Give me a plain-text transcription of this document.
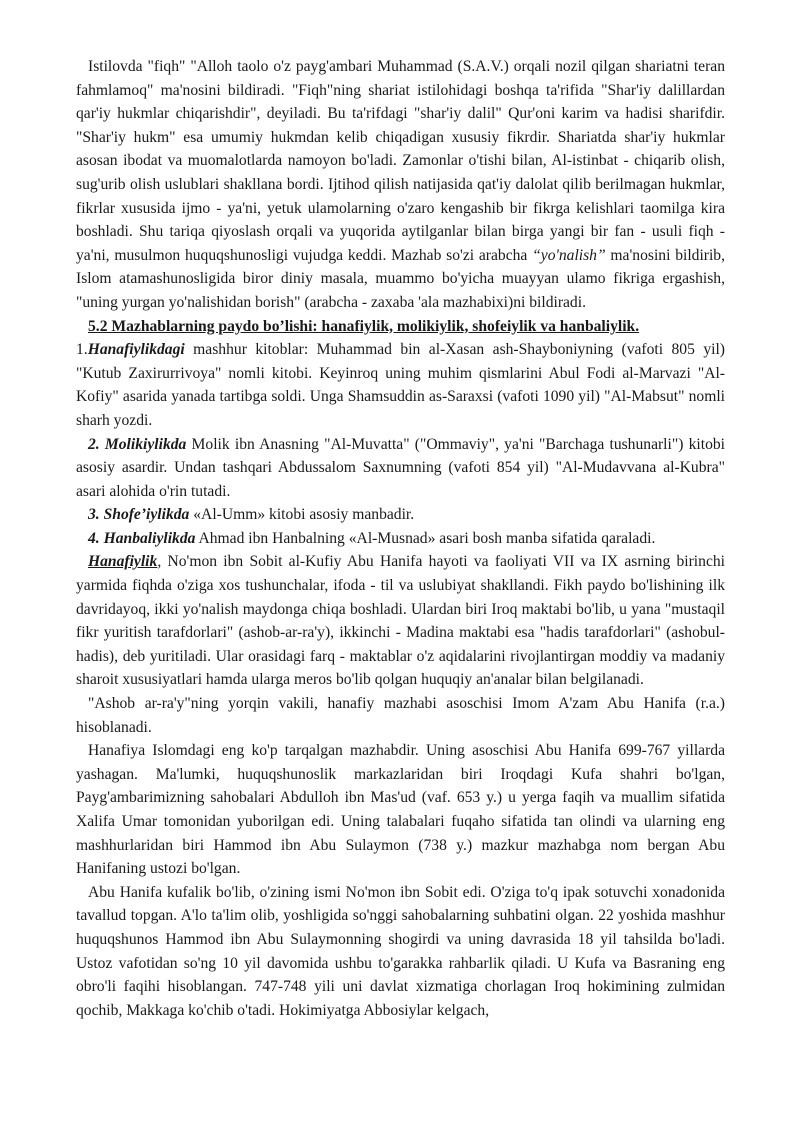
Istilovda "fiqh" "Alloh taolo o'z payg'ambari Muhammad (S.A.V.) orqali nozil qilgan shariatni teran fahmlamoq" ma'nosini bildiradi. "Fiqh"ning shariat istilohidagi boshqa ta'rifida "Shar'iy dalillardan qar'iy hukmlar chiqarishdir", deyiladi. Bu ta'rifdagi "shar'iy dalil" Qur'oni karim va hadisi sharifdir. "Shar'iy hukm" esa umumiy hukmdan kelib chiqadigan xususiy fikrdir. Shariatda shar'iy hukmlar asosan ibodat va muomalotlarda namoyon bo'ladi. Zamonlar o'tishi bilan, Al-istinbat - chiqarib olish, sug'urib olish uslublari shakllana bordi. Ijtihod qilish natijasida qat'iy dalolat qilib berilmagan hukmlar, fikrlar xususida ijmo - ya'ni, yetuk ulamolarning o'zaro kengashib bir fikrga kelishlari taomilga kira boshladi. Shu tariqa qiyoslash orqali va yuqorida aytilganlar bilan birga yangi bir fan - usuli fiqh - ya'ni, musulmon huquqshunosligi vujudga keddi. Mazhab so'zi arabcha “yo'nalish” ma'nosini bildirib, Islom atamashunosligida biror diniy masala, muammo bo'yicha muayyan ulamo fikriga ergashish, "uning yurgan yo'nalishidan borish" (arabcha - zaxaba 'ala mazhabixi)ni bildiradi.

5.2 Mazhablarning paydo bo’lishi: hanafiylik, molikiylik, shofeiylik va hanbaliylik.

1.Hanafiylikdagi mashhur kitoblar: Muhammad bin al-Xasan ash-Shayboniyning (vafoti 805 yil) "Kutub Zaxirurrivoya" nomli kitobi. Keyinroq uning muhim qismlarini Abul Fodi al-Marvazi "Al-Kofiy" asarida yanada tartibga soldi. Unga Shamsuddin as-Saraxsi (vafoti 1090 yil) "Al-Mabsut" nomli sharh yozdi.

2. Molikiylikda Molik ibn Anasning "Al-Muvatta" ("Ommaviy", ya'ni "Barchaga tushunarli") kitobi asosiy asardir. Undan tashqari Abdussalom Saxnumning (vafoti 854 yil) "Al-Mudavvana al-Kubra" asari alohida o'rin tutadi.

3. Shofe’iylikda «Al-Umm» kitobi asosiy manbadir.

4. Hanbaliylikda Ahmad ibn Hanbalning «Al-Musnad» asari bosh manba sifatida qaraladi.

Hanafiylik, No'mon ibn Sobit al-Kufiy Abu Hanifa hayoti va faoliyati VII va IX asrning birinchi yarmida fiqhda o'ziga xos tushunchalar, ifoda - til va uslubiyat shakllandi. Fikh paydo bo'lishining ilk davridayoq, ikki yo'nalish maydonga chiqa boshladi. Ulardan biri Iroq maktabi bo'lib, u yana "mustaqil fikr yuritish tarafdorlari" (ashob-ar-ra'y), ikkinchi - Madina maktabi esa "hadis tarafdorlari" (ashobul-hadis), deb yuritiladi. Ular orasidagi farq - maktablar o'z aqidalarini rivojlantirgan moddiy va madaniy sharoit xususiyatlari hamda ularga meros bo'lib qolgan huquqiy an'analar bilan belgilanadi.

"Ashob ar-ra'y"ning yorqin vakili, hanafiy mazhabi asoschisi Imom A'zam Abu Hanifa (r.a.) hisoblanadi.

Hanafiya Islomdagi eng ko'p tarqalgan mazhabdir. Uning asoschisi Abu Hanifa 699-767 yillarda yashagan. Ma'lumki, huquqshunoslik markazlaridan biri Iroqdagi Kufa shahri bo'lgan, Payg'ambarimizning sahobalari Abdulloh ibn Mas'ud (vaf. 653 y.) u yerga faqih va muallim sifatida Xalifa Umar tomonidan yuborilgan edi. Uning talabalari fuqaho sifatida tan olindi va ularning eng mashhurlaridan biri Hammod ibn Abu Sulaymon (738 y.) mazkur mazhabga nom bergan Abu Hanifaning ustozi bo'lgan.

Abu Hanifa kufalik bo'lib, o'zining ismi No'mon ibn Sobit edi. O'ziga to'q ipak sotuvchi xonadonida tavallud topgan. A'lo ta'lim olib, yoshligida so'nggi sahobalarning suhbatini olgan. 22 yoshida mashhur huquqshunos Hammod ibn Abu Sulaymonning shogirdi va uning davrasida 18 yil tahsilda bo'ladi. Ustoz vafotidan so'ng 10 yil davomida ushbu to'garakka rahbarlik qiladi. U Kufa va Basraning eng obro'li faqihi hisoblangan. 747-748 yili uni davlat xizmatiga chorlagan Iroq hokimining zulmidan qochib, Makkaga ko'chib o'tadi. Hokimiyatga Abbosiylar kelgach,
